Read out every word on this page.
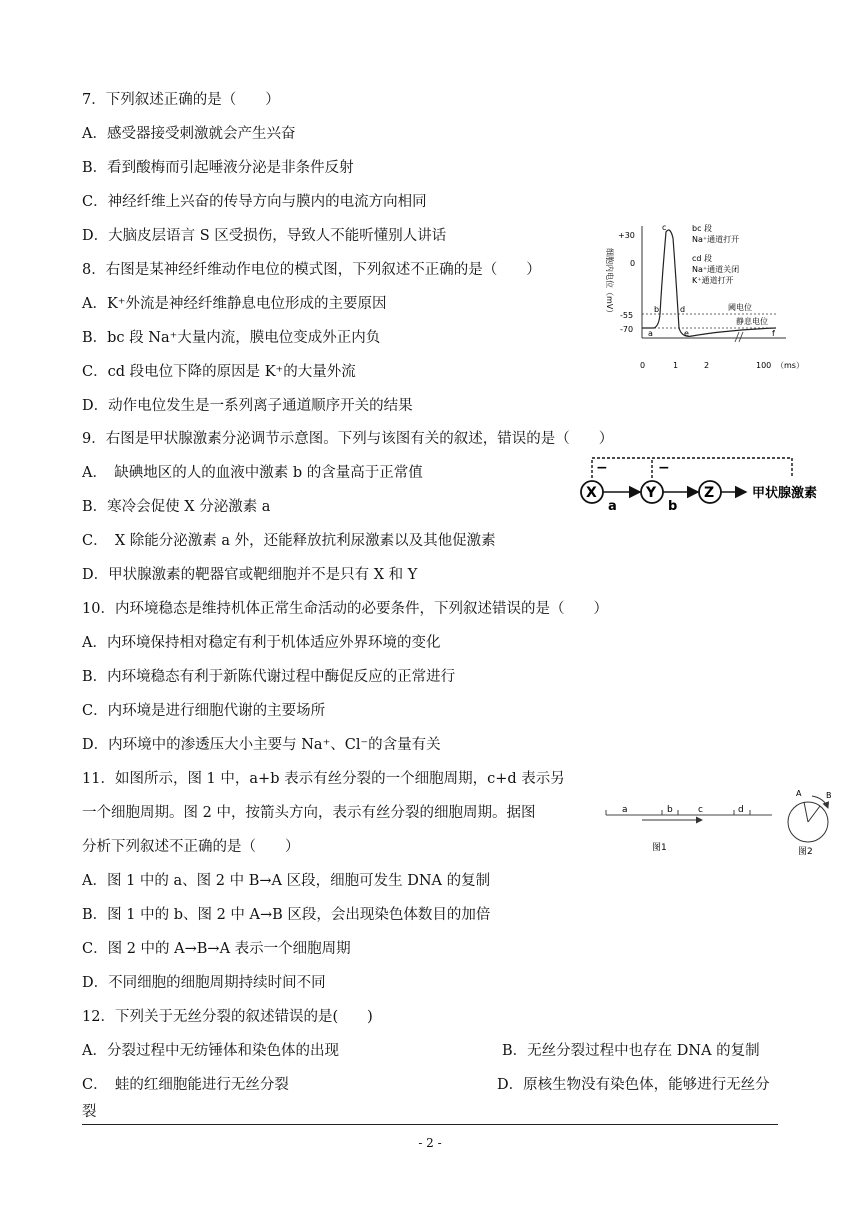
7．下列叙述正确的是（　　）
A．感受器接受刺激就会产生兴奋
B．看到酸梅而引起唾液分泌是非条件反射
C．神经纤维上兴奋的传导方向与膜内的电流方向相同
D．大脑皮层语言 S 区受损伤，导致人不能听懂别人讲话
8．右图是某神经纤维动作电位的模式图，下列叙述不正确的是（　　）
A．K⁺外流是神经纤维静息电位形成的主要原因
B．bc 段 Na⁺大量内流，膜电位变成外正内负
C．cd 段电位下降的原因是 K⁺的大量外流
D．动作电位发生是一系列离子通道顺序开关的结果
细胞内电位（mV）
+30
0
-55
-70 a
b
c
d
e	f
bc 段
Na⁺通道打开
cd 段
Na⁺通道关闭
K⁺通道打开
阈电位
静息电位
0	1	2	100 （ms）
9．右图是甲状腺激素分泌调节示意图。下列与该图有关的叙述，错误的是（　　）
A．　缺碘地区的人的血液中激素 b 的含量高于正常值
B．寒冷会促使 X 分泌激素 a
C．　X 除能分泌激素 a 外，还能释放抗利尿激素以及其他促激素
D．甲状腺激素的靶器官或靶细胞并不是只有 X 和 Y
−	−
X	Y	Z
a	b
甲状腺激素
10．内环境稳态是维持机体正常生命活动的必要条件，下列叙述错误的是（　　）
A．内环境保持相对稳定有利于机体适应外界环境的变化
B．内环境稳态有利于新陈代谢过程中酶促反应的正常进行
C．内环境是进行细胞代谢的主要场所
D．内环境中的渗透压大小主要与 Na⁺、Cl⁻的含量有关
11．如图所示，图 1 中，a+b 表示有丝分裂的一个细胞周期，c+d 表示另
一个细胞周期。图 2 中，按箭头方向，表示有丝分裂的细胞周期。据图
分析下列叙述不正确的是（　　）
A．图 1 中的 a、图 2 中 B→A 区段，细胞可发生 DNA 的复制
B．图 1 中的 b、图 2 中 A→B 区段，会出现染色体数目的加倍
C．图 2 中的 A→B→A 表示一个细胞周期
D．不同细胞的细胞周期持续时间不同
a	b	c	d
图1
A	B
图2
12．下列关于无丝分裂的叙述错误的是(　　)
A．分裂过程中无纺锤体和染色体的出现	B．无丝分裂过程中也存在 DNA 的复制
C．　蛙的红细胞能进行无丝分裂	D．原核生物没有染色体，能够进行无丝分
裂
- 2 -
